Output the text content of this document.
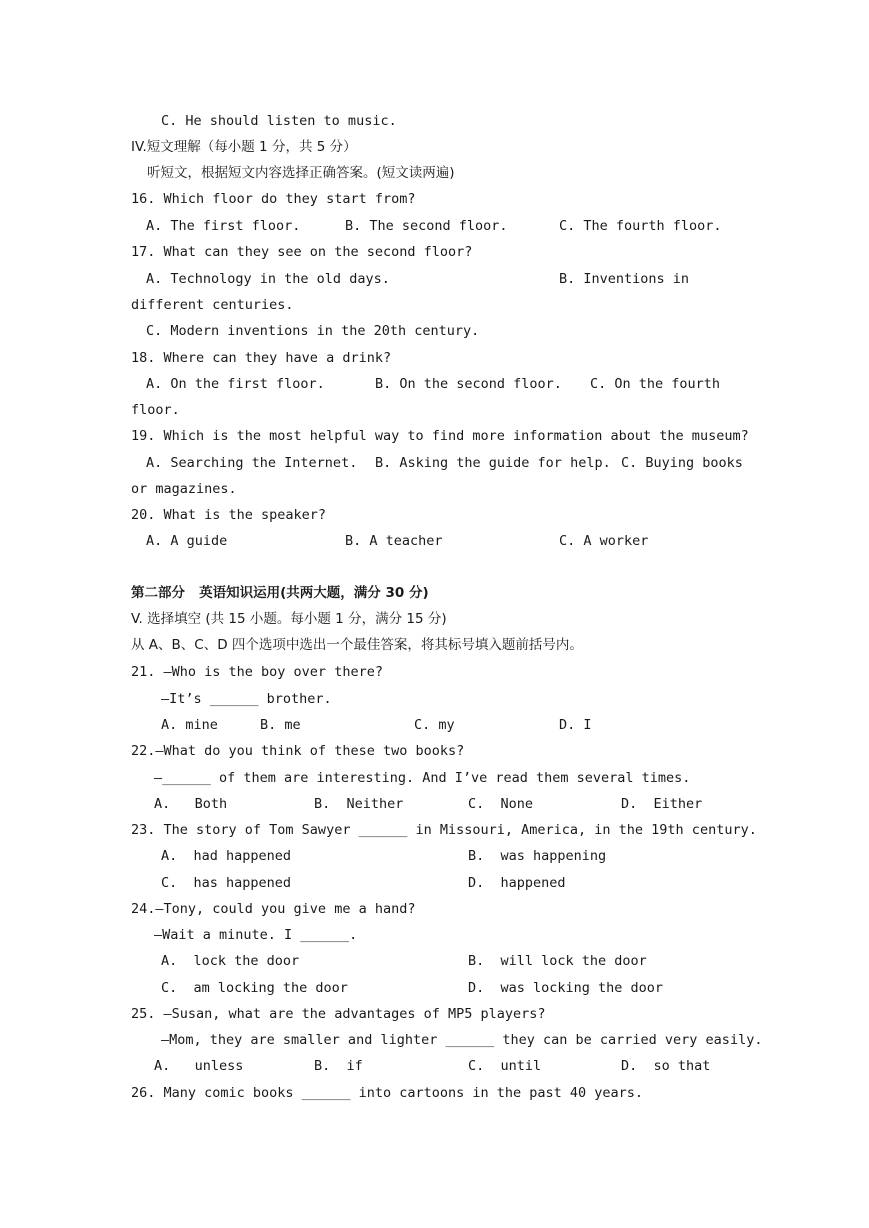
C. He should listen to music.
IV.短文理解（每小题 1 分，共 5 分）
听短文，根据短文内容选择正确答案。(短文读两遍)
16. Which floor do they start from?
A. The first floor.	B. The second floor.	C. The fourth floor.
17. What can they see on the second floor?
A. Technology in the old days.	B. Inventions in
different centuries.
C. Modern inventions in the 20th century.
18. Where can they have a drink?
A. On the first floor.	B. On the second floor. C. On the fourth
floor.
19. Which is the most helpful way to find more information about the museum?
A. Searching the Internet. B. Asking the guide for help. C. Buying books
or magazines.
20. What is the speaker?
A. A guide	B. A teacher	C. A worker
第二部分   英语知识运用(共两大题，满分 30 分)
V. 选择填空 (共 15 小题。每小题 1 分，满分 15 分)
从 A、B、C、D 四个选项中选出一个最佳答案，将其标号填入题前括号内。
21. —Who is the boy over there?
—It’s ______ brother.
A. mine	B. me	C. my	D. I
22.—What do you think of these two books?
—______ of them are interesting. And I’ve read them several times.
A.   Both	B.  Neither	C.  None	D.  Either
23. The story of Tom Sawyer ______ in Missouri, America, in the 19th century.
A.  had happened	B.  was happening
C.  has happened	D.  happened
24.—Tony, could you give me a hand?
—Wait a minute. I ______.
A.  lock the door	B.  will lock the door
C.  am locking the door	D.  was locking the door
25. —Susan, what are the advantages of MP5 players?
—Mom, they are smaller and lighter ______ they can be carried very easily.
A.   unless	B.  if	C.  until	D.  so that
26. Many comic books ______ into cartoons in the past 40 years.
